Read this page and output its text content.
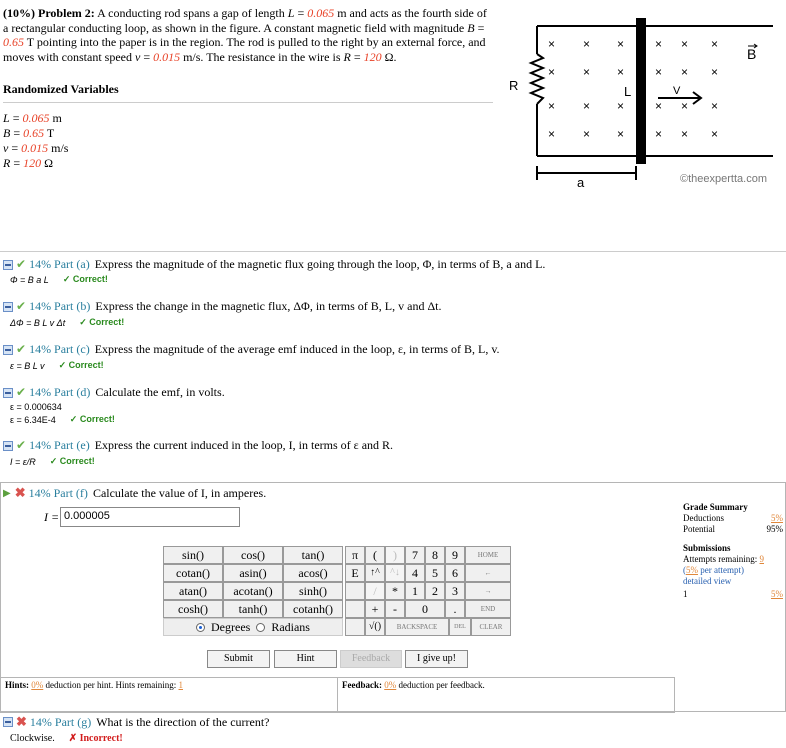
(10%) Problem 2: A conducting rod spans a gap of length L = 0.065 m and acts as the fourth side of a rectangular conducting loop, as shown in the figure. A constant magnetic field with magnitude B = 0.65 T pointing into the paper is in the region. The rod is pulled to the right by an external force, and moves with constant speed v = 0.015 m/s. The resistance in the wire is R = 120 Ω.
Randomized Variables
L = 0.065 m
B = 0.65 T
v = 0.015 m/s
R = 120 Ω
R	L	V
B
× × ×	× × ×
× × ×	× × ×
× × ×	× × ×
× × ×	× × ×
a	©theexpertta.com
✔ 14% Part (a) Express the magnitude of the magnetic flux going through the loop, Φ, in terms of B, a and L.
Φ = B a L ✓ Correct!
✔ 14% Part (b) Express the change in the magnetic flux, ΔΦ, in terms of B, L, v and Δt.
ΔΦ = B L v Δt ✓ Correct!
✔ 14% Part (c) Express the magnitude of the average emf induced in the loop, ε, in terms of B, L, v.
ε = B L v ✓ Correct!
✔ 14% Part (d) Calculate the emf, in volts.
ε = 0.000634
ε = 6.34E-4 ✓ Correct!
✔ 14% Part (e) Express the current induced in the loop, I, in terms of ε and R.
I = ε/R ✓ Correct!
▶ ✖ 14% Part (f) Calculate the value of I, in amperes.
I = 0.000005
sin()	cos()	tan()
cotan()	asin()	acos()
atan()	acotan()	sinh()
cosh()	tanh()	cotanh()
Degrees Radians
π	(	)	7	8	9	HOME
E	↑^	^↓	4	5	6	←
/	*	1	2	3	→
+	-	0	.	END
√()	BACKSPACE	DEL	CLEAR
Submit	Hint	Feedback	I give up!
Hints: 0% deduction per hint. Hints remaining: 1	Feedback: 0% deduction per feedback.
Grade Summary
Deductions	5%
Potential	95%
Submissions
Attempts remaining: 9
(5% per attempt)
detailed view
1	5%
✖ 14% Part (g) What is the direction of the current?
Clockwise. ✗ Incorrect!
